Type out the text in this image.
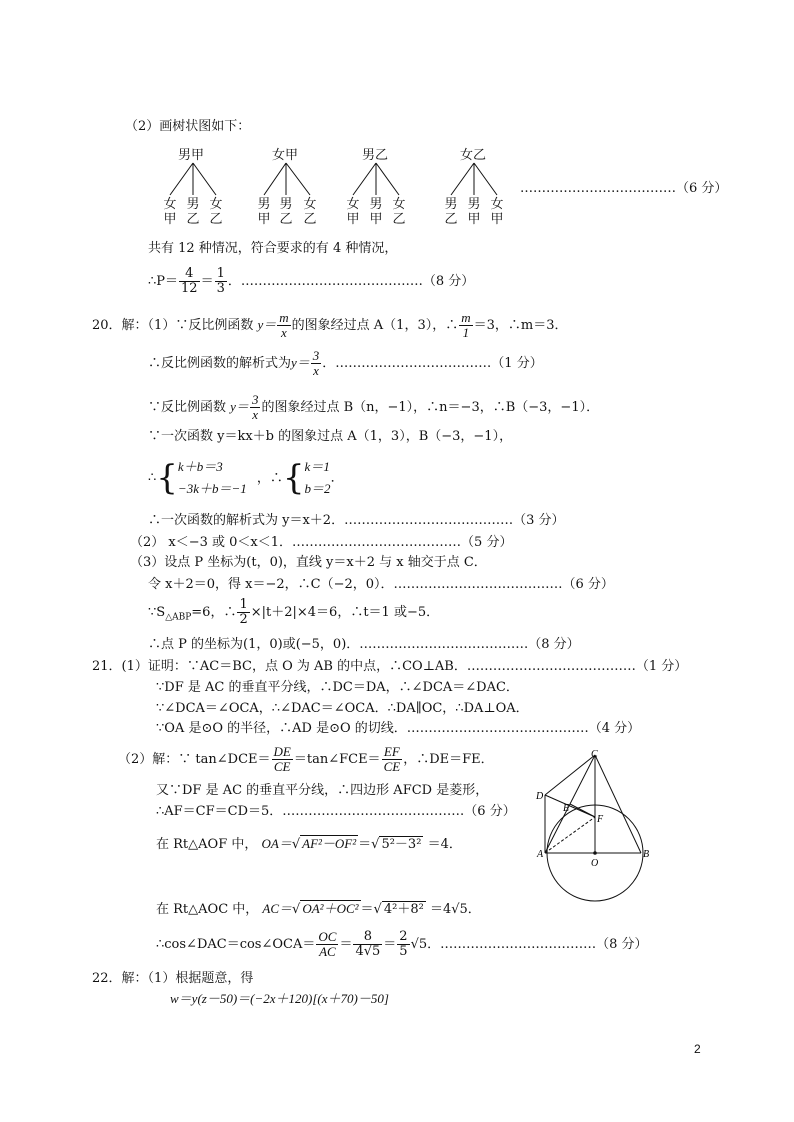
（2）画树状图如下：
男甲	女甲	男乙	女乙
女
甲
男
乙
女
乙
男
甲
男
乙
女
乙
女
甲
男
甲
女
乙
男
乙
男
甲
女
甲
………………………………（6 分）
共有 12 种情况，符合要求的有 4 种情况，
∴P＝ $\frac{4}{12} = \frac{1}{3}$ ．……………………………………（8 分）
20．解：（1）∵反比例函数 $y= \frac{m}{x}$ 的图象经过点 A（1，3），∴ $\frac{m}{1} =3$，∴m＝3．
∴反比例函数的解析式为$y= \frac{3}{x}$ ．………………………………（1 分）
∵反比例函数 $y= \frac{3}{x}$ 的图象经过点 B（n，−1），∴n＝−3，∴B（−3，−1）．
∵一次函数 y＝kx＋b 的图象过点 A（1，3），B（−3，−1），
∴{k＋b＝3
−3k＋b＝−1 ，∴{k＝1
b＝2．
∴一次函数的解析式为 y＝x＋2．…………………………………（3 分）
（2） x＜−3 或 0＜x＜1．…………………………………（5 分）
（3）设点 P 坐标为(t，0)，直线 y＝x＋2 与 x 轴交于点 C．
令 x＋2＝0，得 x＝−2，∴C（−2，0）．…………………………………（6 分）
$\because S_{\triangle ABP}=6$，∴ $\frac{1}{2} \times|t+2|\times 4=6$，∴t＝1 或−5．
∴点 P 的坐标为(1，0)或(−5，0)．…………………………………（8 分）
21．(1）证明：∵AC＝BC，点 O 为 AB 的中点，∴CO⊥AB．…………………………………（1 分）
∵DF 是 AC 的垂直平分线，∴DC＝DA，∴∠DCA＝∠DAC．
∵∠DCA＝∠OCA，∴∠DAC＝∠OCA．∴DA∥OC，∴DA⊥OA．
∵OA 是⊙O 的半径，∴AD 是⊙O 的切线．……………………………………（4 分）
（2）解：∵ tan∠DCE＝ $\frac{DE}{CE}$ ＝tan∠FCE＝ $\frac{EF}{CE}$ ，∴DE＝FE．
又∵DF 是 AC 的垂直平分线，∴四边形 AFCD 是菱形，
∴AF＝CF＝CD＝5．……………………………………（6 分）
在 Rt△AOF 中， OA＝√ AF²－OF² ＝√ 5²－3² ＝4．
在 Rt△AOC 中， AC＝√ OA²＋OC² ＝√ 4²＋8² ＝4√5．
∴cos∠DAC＝cos∠OCA＝ $\frac{OC}{AC} = \frac{8}{4√5} = \frac{2}{5} √5$．………………………………（8 分）
C
D
E
F
A
O
B
22．解：（1）根据题意，得
w＝y(z－50)＝(−2x＋120)[(x＋70)－50]
2
